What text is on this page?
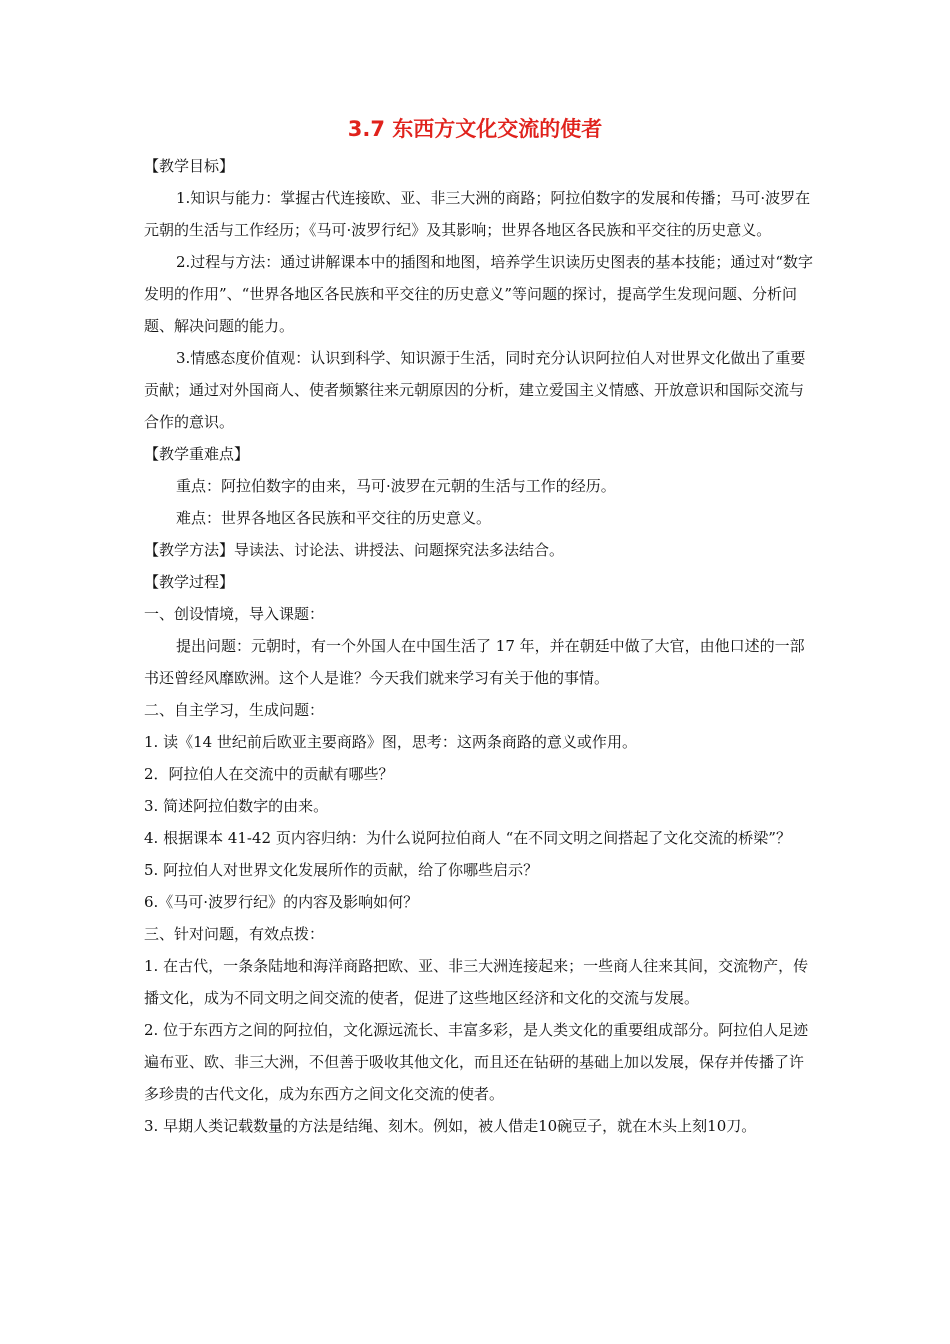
3.7 东西方文化交流的使者

【教学目标】

1.知识与能力：掌握古代连接欧、亚、非三大洲的商路；阿拉伯数字的发展和传播；马可·波罗在元朝的生活与工作经历；《马可·波罗行纪》及其影响；世界各地区各民族和平交往的历史意义。

2.过程与方法：通过讲解课本中的插图和地图，培养学生识读历史图表的基本技能；通过对“数字发明的作用”、“世界各地区各民族和平交往的历史意义”等问题的探讨，提高学生发现问题、分析问题、解决问题的能力。

3.情感态度价值观：认识到科学、知识源于生活，同时充分认识阿拉伯人对世界文化做出了重要贡献；通过对外国商人、使者频繁往来元朝原因的分析，建立爱国主义情感、开放意识和国际交流与合作的意识。

【教学重难点】

重点：阿拉伯数字的由来，马可·波罗在元朝的生活与工作的经历。

难点：世界各地区各民族和平交往的历史意义。

【教学方法】导读法、讨论法、讲授法、问题探究法多法结合。

【教学过程】

一、创设情境，导入课题：

提出问题：元朝时，有一个外国人在中国生活了 17 年，并在朝廷中做了大官，由他口述的一部书还曾经风靡欧洲。这个人是谁？今天我们就来学习有关于他的事情。

二、自主学习，生成问题：

1. 读《14 世纪前后欧亚主要商路》图，思考：这两条商路的意义或作用。

2．阿拉伯人在交流中的贡献有哪些？

3. 简述阿拉伯数字的由来。

4. 根据课本 41-42 页内容归纳：为什么说阿拉伯商人 “在不同文明之间搭起了文化交流的桥梁”？

5. 阿拉伯人对世界文化发展所作的贡献，给了你哪些启示？

6.《马可·波罗行纪》的内容及影响如何？

三、针对问题，有效点拨：

1. 在古代，一条条陆地和海洋商路把欧、亚、非三大洲连接起来；一些商人往来其间，交流物产，传播文化，成为不同文明之间交流的使者，促进了这些地区经济和文化的交流与发展。

2. 位于东西方之间的阿拉伯，文化源远流长、丰富多彩，是人类文化的重要组成部分。阿拉伯人足迹遍布亚、欧、非三大洲，不但善于吸收其他文化，而且还在钻研的基础上加以发展，保存并传播了许多珍贵的古代文化，成为东西方之间文化交流的使者。

3. 早期人类记载数量的方法是结绳、刻木。例如，被人借走10碗豆子，就在木头上刻10刀。
